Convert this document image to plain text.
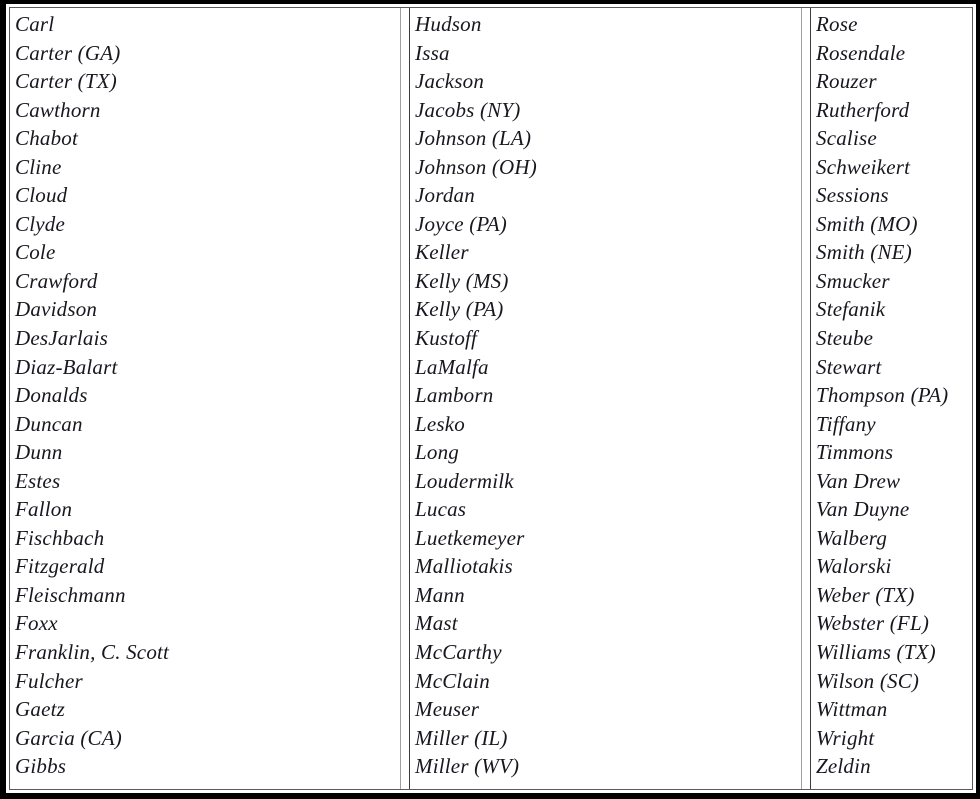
Carl
Carter (GA)
Carter (TX)
Cawthorn
Chabot
Cline
Cloud
Clyde
Cole
Crawford
Davidson
DesJarlais
Diaz-Balart
Donalds
Duncan
Dunn
Estes
Fallon
Fischbach
Fitzgerald
Fleischmann
Foxx
Franklin, C. Scott
Fulcher
Gaetz
Garcia (CA)
Gibbs
Hudson
Issa
Jackson
Jacobs (NY)
Johnson (LA)
Johnson (OH)
Jordan
Joyce (PA)
Keller
Kelly (MS)
Kelly (PA)
Kustoff
LaMalfa
Lamborn
Lesko
Long
Loudermilk
Lucas
Luetkemeyer
Malliotakis
Mann
Mast
McCarthy
McClain
Meuser
Miller (IL)
Miller (WV)
Rose
Rosendale
Rouzer
Rutherford
Scalise
Schweikert
Sessions
Smith (MO)
Smith (NE)
Smucker
Stefanik
Steube
Stewart
Thompson (PA)
Tiffany
Timmons
Van Drew
Van Duyne
Walberg
Walorski
Weber (TX)
Webster (FL)
Williams (TX)
Wilson (SC)
Wittman
Wright
Zeldin
